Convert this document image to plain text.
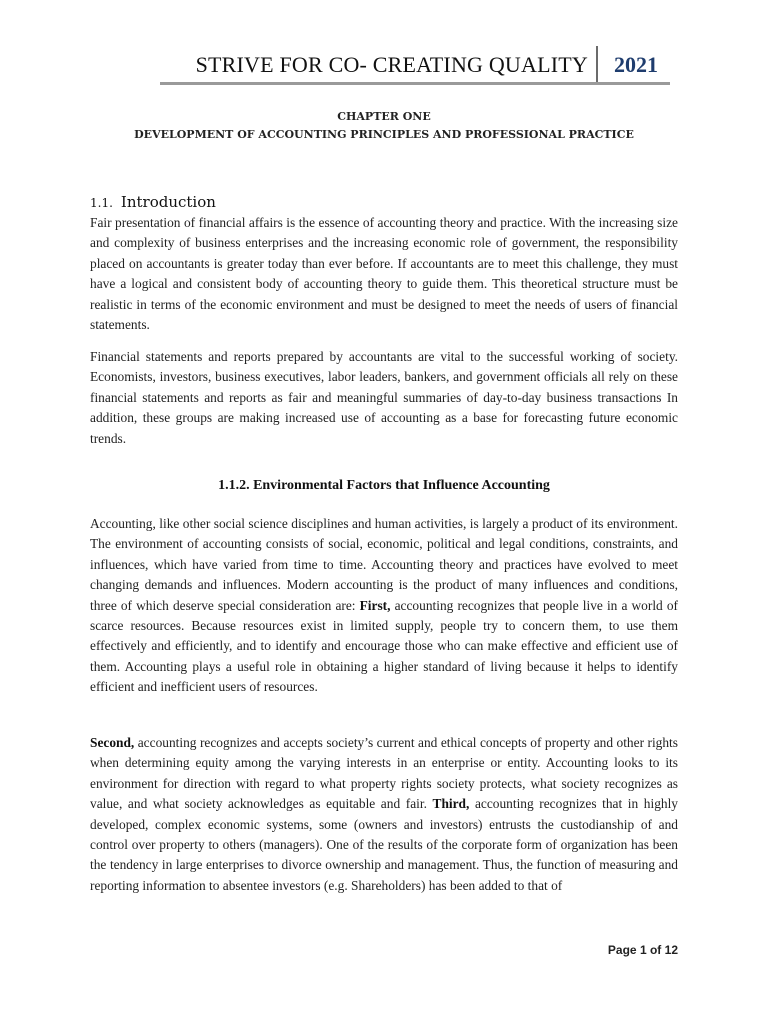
STRIVE FOR CO- CREATING QUALITY 2021
CHAPTER ONE
DEVELOPMENT OF ACCOUNTING PRINCIPLES AND PROFESSIONAL PRACTICE
1.1. Introduction
Fair presentation of financial affairs is the essence of accounting theory and practice. With the increasing size and complexity of business enterprises and the increasing economic role of government, the responsibility placed on accountants is greater today than ever before. If accountants are to meet this challenge, they must have a logical and consistent body of accounting theory to guide them. This theoretical structure must be realistic in terms of the economic environment and must be designed to meet the needs of users of financial statements.
Financial statements and reports prepared by accountants are vital to the successful working of society. Economists, investors, business executives, labor leaders, bankers, and government officials all rely on these financial statements and reports as fair and meaningful summaries of day-to-day business transactions In addition, these groups are making increased use of accounting as a base for forecasting future economic trends.
1.1.2. Environmental Factors that Influence Accounting
Accounting, like other social science disciplines and human activities, is largely a product of its environment. The environment of accounting consists of social, economic, political and legal conditions, constraints, and influences, which have varied from time to time. Accounting theory and practices have evolved to meet changing demands and influences. Modern accounting is the product of many influences and conditions, three of which deserve special consideration are: First, accounting recognizes that people live in a world of scarce resources. Because resources exist in limited supply, people try to concern them, to use them effectively and efficiently, and to identify and encourage those who can make effective and efficient use of them. Accounting plays a useful role in obtaining a higher standard of living because it helps to identify efficient and inefficient users of resources.
Second, accounting recognizes and accepts society’s current and ethical concepts of property and other rights when determining equity among the varying interests in an enterprise or entity. Accounting looks to its environment for direction with regard to what property rights society protects, what society recognizes as value, and what society acknowledges as equitable and fair. Third, accounting recognizes that in highly developed, complex economic systems, some (owners and investors) entrusts the custodianship of and control over property to others (managers). One of the results of the corporate form of organization has been the tendency in large enterprises to divorce ownership and management. Thus, the function of measuring and reporting information to absentee investors (e.g. Shareholders) has been added to that of
Page 1 of 12
